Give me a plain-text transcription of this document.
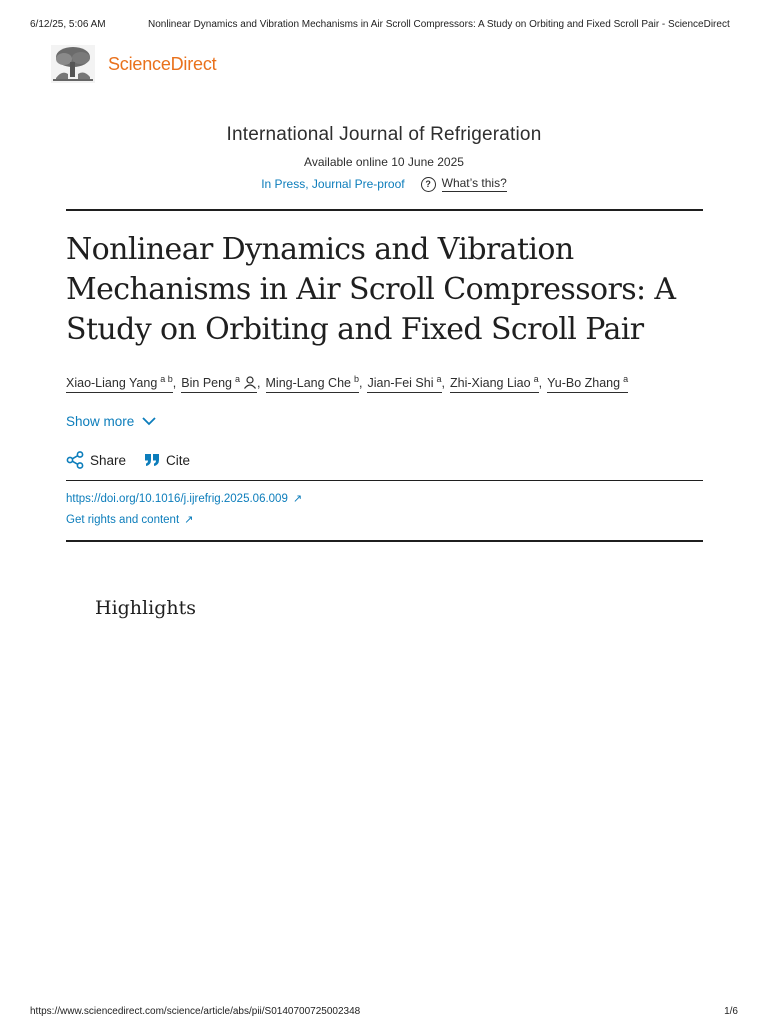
6/12/25, 5:06 AM	Nonlinear Dynamics and Vibration Mechanisms in Air Scroll Compressors: A Study on Orbiting and Fixed Scroll Pair - ScienceDirect
ScienceDirect
International Journal of Refrigeration
Available online 10 June 2025
In Press, Journal Pre-proof	? What’s this?
Nonlinear Dynamics and Vibration Mechanisms in Air Scroll Compressors: A Study on Orbiting and Fixed Scroll Pair
Xiao-Liang Yang $^{a b}$ , Bin Peng $^a$	, Ming-Lang Che $^b$ , Jian-Fei Shi $^a$ , Zhi-Xiang Liao $^a$ , Yu-Bo Zhang $^a$
Show more
Share	Cite
https://doi.org/10.1016/j.ijrefrig.2025.06.009 ↗
Get rights and content ↗
Highlights
https://www.sciencedirect.com/science/article/abs/pii/S0140700725002348	1/6
